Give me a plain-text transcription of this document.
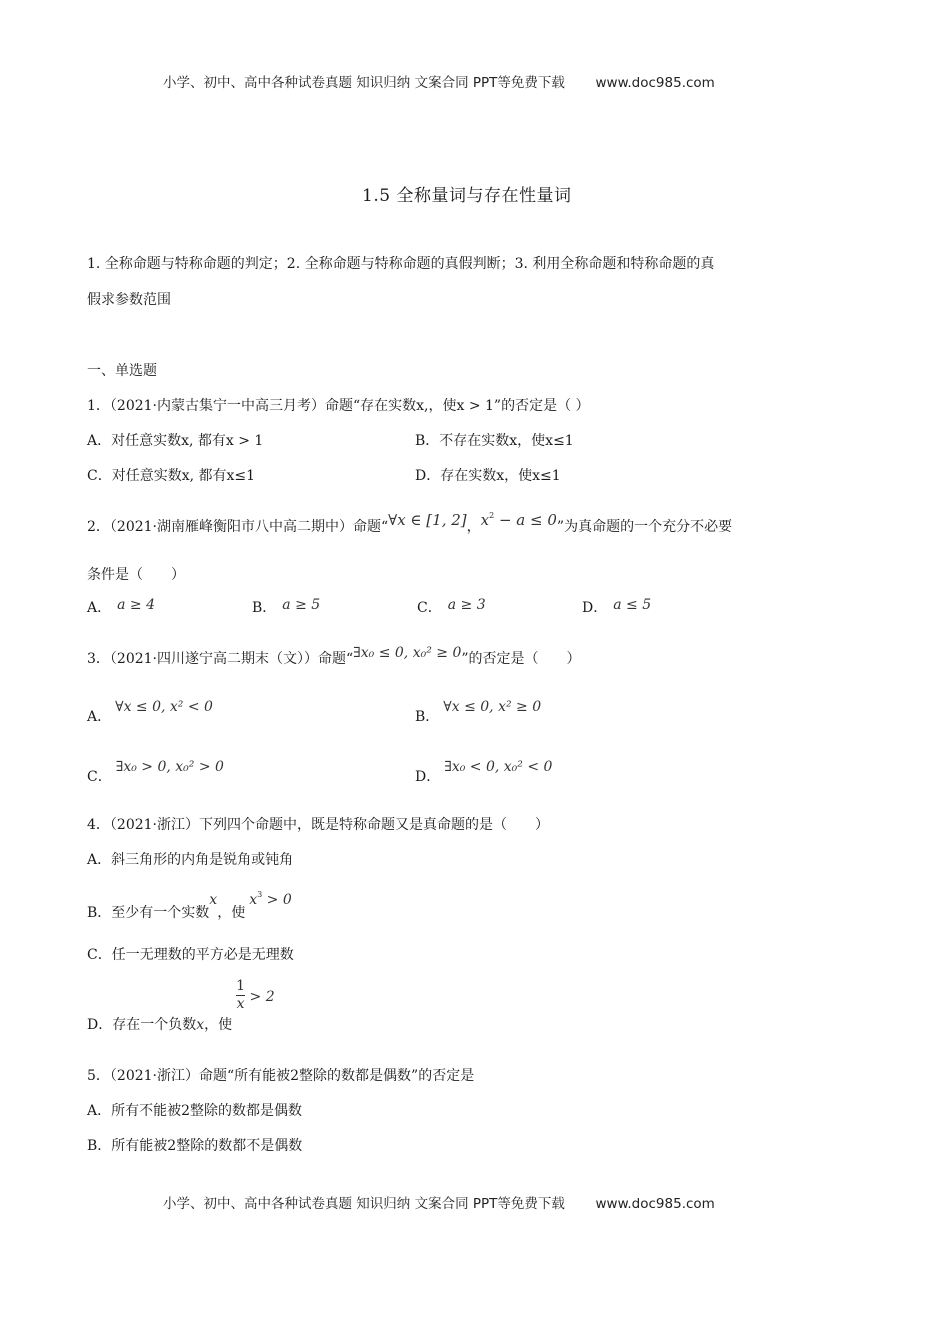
小学、初中、高中各种试卷真题 知识归纳 文案合同 PPT等免费下载 www.doc985.com
1.5 全称量词与存在性量词
1. 全称命题与特称命题的判定；2. 全称命题与特称命题的真假判断；3. 利用全称命题和特称命题的真
假求参数范围
一、单选题
1．（2021·内蒙古集宁一中高三月考）命题“存在实数x,，使x > 1”的否定是（ ）
A．对任意实数x, 都有x > 1	B．不存在实数x，使x≤1
C．对任意实数x, 都有x≤1	D．存在实数x，使x≤1
2．（2021·湖南雁峰衡阳市八中高二期中）命题“∀x ∈ [1, 2]，$x^2 - a \le 0$”为真命题的一个充分不必要
条件是（　　）
A． a ≥ 4	B． a ≥ 5	C． a ≥ 3	D． a ≤ 5
3．（2021·四川遂宁高二期末（文））命题“∃x₀ ≤ 0, x₀² ≥ 0”的否定是（　　）
A．∀x ≤ 0, x² < 0
B．∀x ≤ 0, x² ≥ 0
C．∃x₀ > 0, x₀² > 0
D．∃x₀ < 0, x₀² < 0
4．（2021·浙江）下列四个命题中，既是特称命题又是真命题的是（　　）
A．斜三角形的内角是锐角或钝角
B．至少有一个实数x，使$x^3 > 0$
C．任一无理数的平方必是无理数
D．存在一个负数x，使
$\frac{1}{x} > 2$
5．（2021·浙江）命题“所有能被2整除的数都是偶数”的否定是
A．所有不能被2整除的数都是偶数
B．所有能被2整除的数都不是偶数
小学、初中、高中各种试卷真题 知识归纳 文案合同 PPT等免费下载 www.doc985.com
